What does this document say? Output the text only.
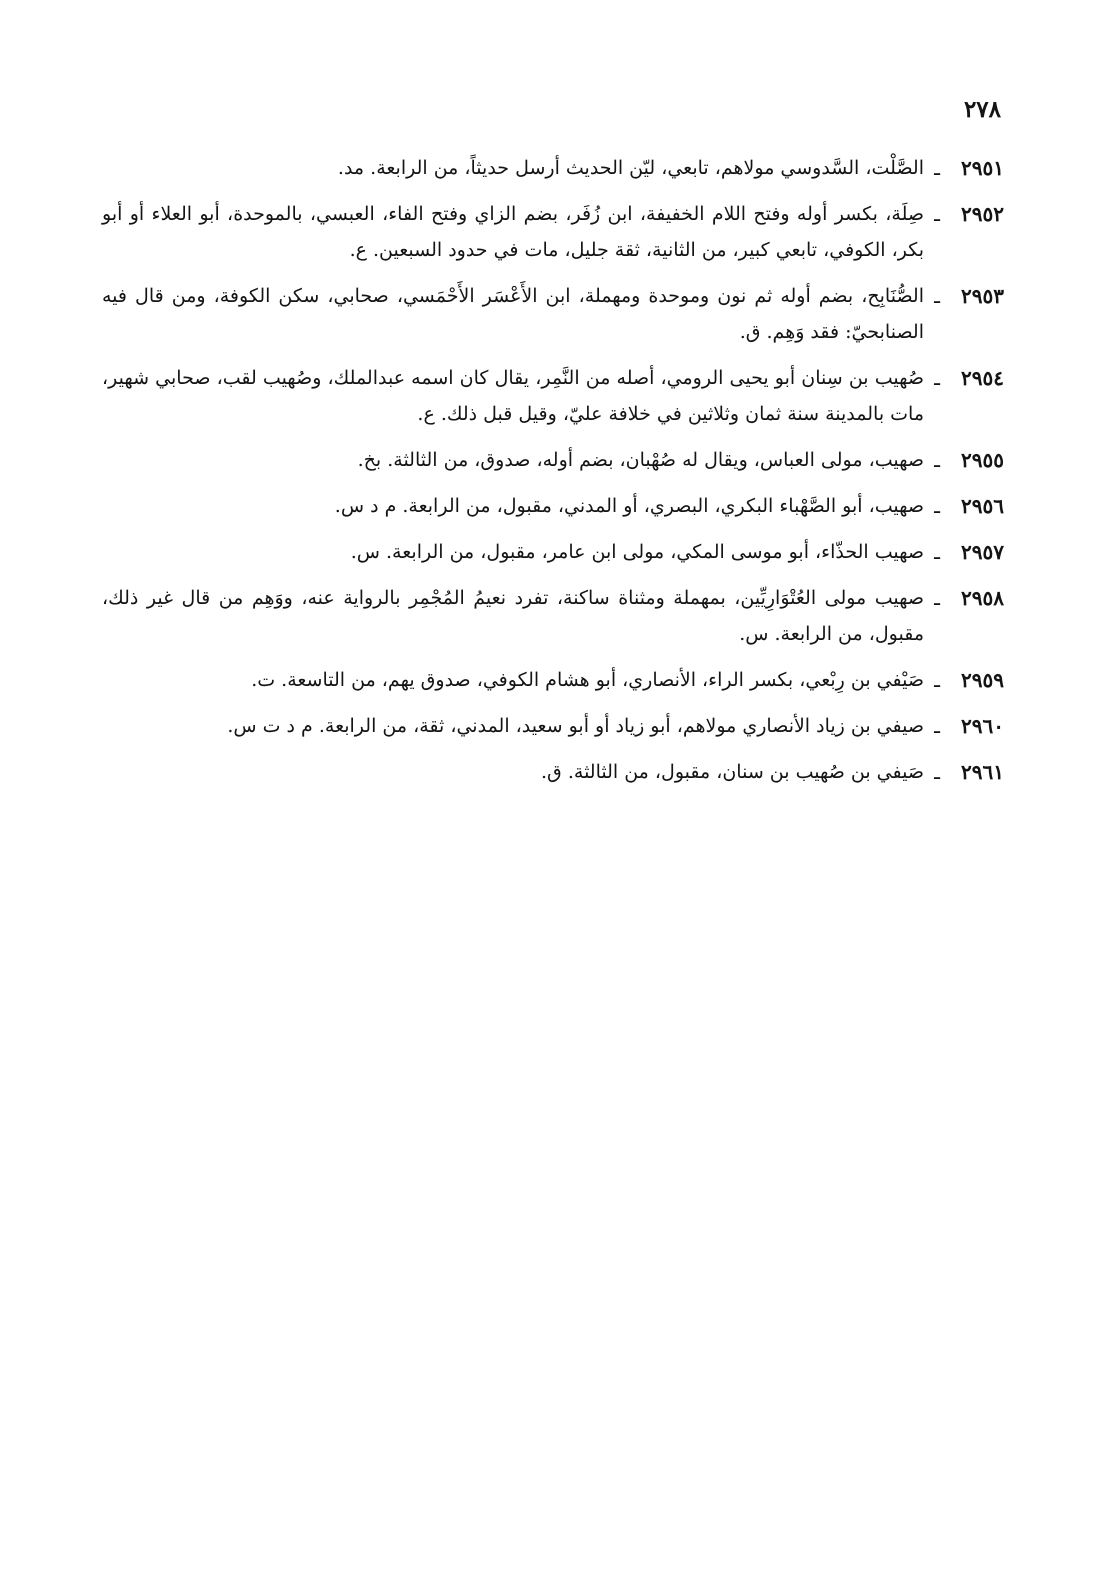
٢٧٨
٢٩٥١
ـ
الصَّلْت، السَّدوسي مولاهم، تابعي، ليّن الحديث أرسل حديثاً، من الرابعة. مد.
٢٩٥٢
ـ
صِلَة، بكسر أوله وفتح اللام الخفيفة، ابن زُفَر، بضم الزاي وفتح الفاء، العبسي، بالموحدة، أبو العلاء أو أبو بكر، الكوفي، تابعي كبير، من الثانية، ثقة جليل، مات في حدود السبعين. ع.
٢٩٥٣
ـ
الصُّنَابِح، بضم أوله ثم نون وموحدة ومهملة، ابن الأَعْسَر الأَحْمَسي، صحابي، سكن الكوفة، ومن قال فيه الصنابحيّ: فقد وَهِم. ق.
٢٩٥٤
ـ
صُهيب بن سِنان أبو يحيى الرومي، أصله من النَّمِر، يقال كان اسمه عبدالملك، وصُهيب لقب، صحابي شهير، مات بالمدينة سنة ثمان وثلاثين في خلافة عليّ، وقيل قبل ذلك. ع.
٢٩٥٥
ـ
صهيب، مولى العباس، ويقال له صُهْبان، بضم أوله، صدوق، من الثالثة. بخ.
٢٩٥٦
ـ
صهيب، أبو الصَّهْباء البكري، البصري، أو المدني، مقبول، من الرابعة. م د س.
٢٩٥٧
ـ
صهيب الحذّاء، أبو موسى المكي، مولى ابن عامر، مقبول، من الرابعة. س.
٢٩٥٨
ـ
صهيب مولى العُتْوَارِيِّين، بمهملة ومثناة ساكنة، تفرد نعيمُ المُجْمِر بالرواية عنه، ووَهِم من قال غير ذلك، مقبول، من الرابعة. س.
٢٩٥٩
ـ
صَيْفي بن رِبْعي، بكسر الراء، الأنصاري، أبو هشام الكوفي، صدوق يهم، من التاسعة. ت.
٢٩٦٠
ـ
صيفي بن زياد الأنصاري مولاهم، أبو زياد أو أبو سعيد، المدني، ثقة، من الرابعة. م د ت س.
٢٩٦١
ـ
صَيفي بن صُهيب بن سنان، مقبول، من الثالثة. ق.
